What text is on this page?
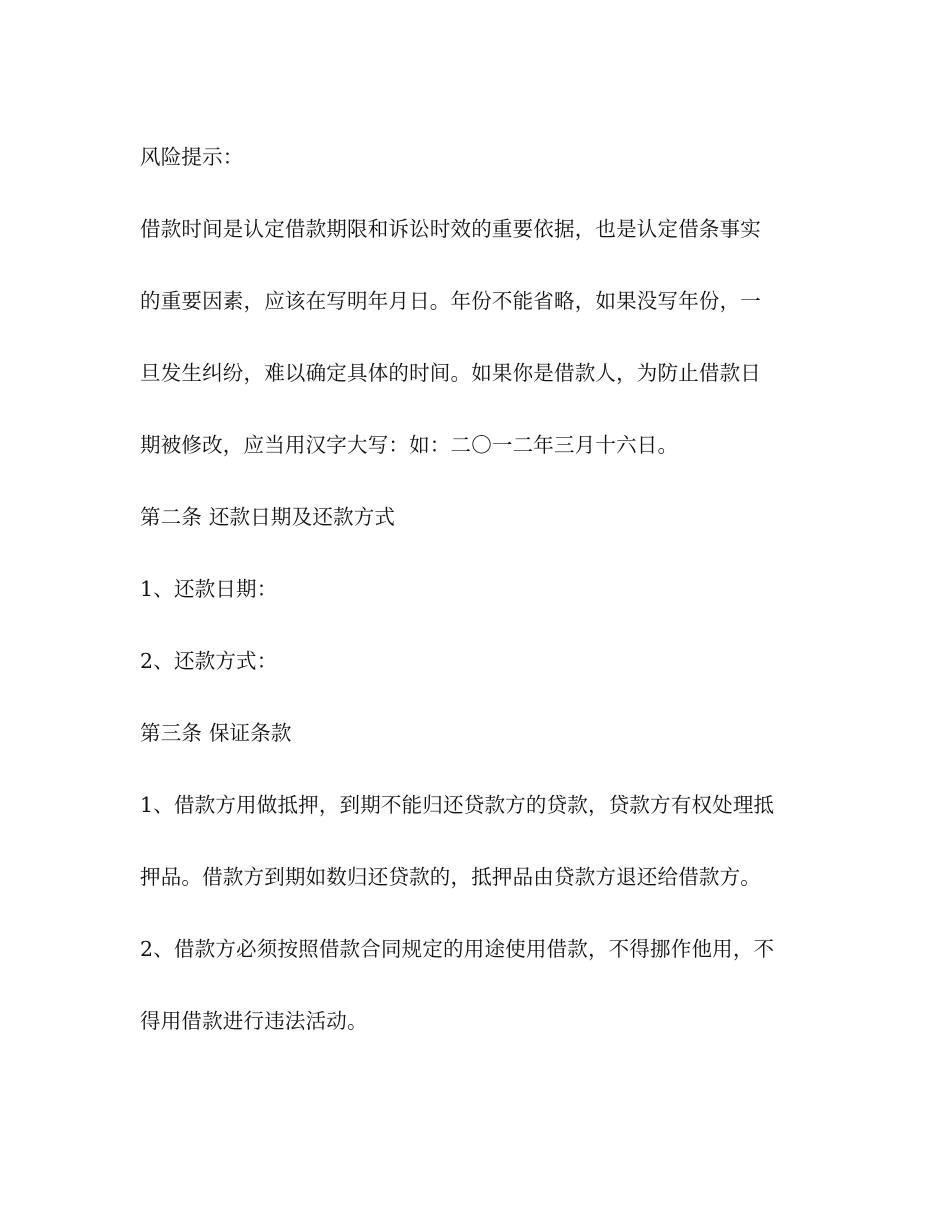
风险提示：
借款时间是认定借款期限和诉讼时效的重要依据，也是认定借条事实
的重要因素，应该在写明年月日。年份不能省略，如果没写年份，一
旦发生纠纷，难以确定具体的时间。如果你是借款人，为防止借款日
期被修改，应当用汉字大写：如：二〇一二年三月十六日。
第二条 还款日期及还款方式
1、还款日期：
2、还款方式：
第三条 保证条款
1、借款方用做抵押，到期不能归还贷款方的贷款，贷款方有权处理抵
押品。借款方到期如数归还贷款的，抵押品由贷款方退还给借款方。
2、借款方必须按照借款合同规定的用途使用借款，不得挪作他用，不
得用借款进行违法活动。
